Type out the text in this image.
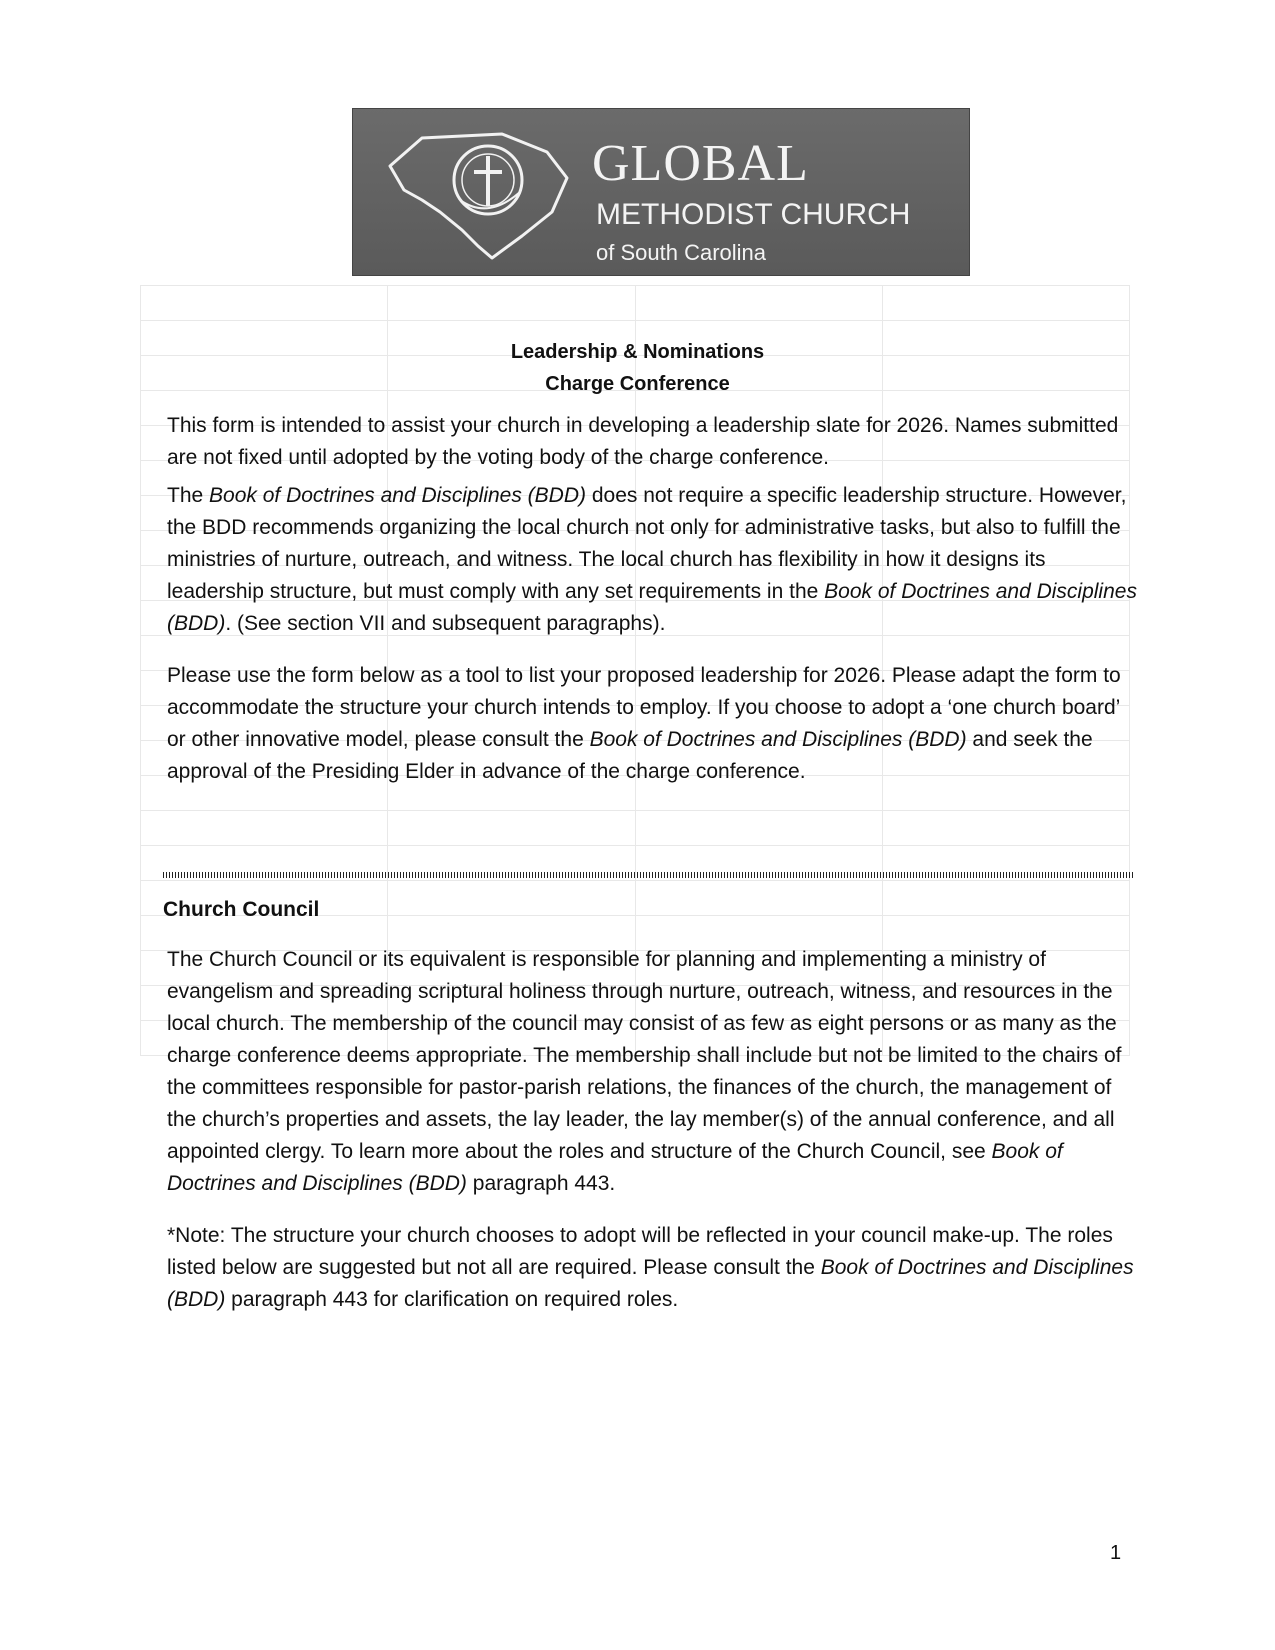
GLOBAL
METHODIST CHURCH
of South Carolina
Leadership & Nominations
Charge Conference

This form is intended to assist your church in developing a leadership slate for 2026. Names submitted are not fixed until adopted by the voting body of the charge conference.

The Book of Doctrines and Disciplines (BDD) does not require a specific leadership structure. However, the BDD recommends organizing the local church not only for administrative tasks, but also to fulfill the ministries of nurture, outreach, and witness. The local church has flexibility in how it designs its leadership structure, but must comply with any set requirements in the Book of Doctrines and Disciplines (BDD). (See section VII and subsequent paragraphs).

Please use the form below as a tool to list your proposed leadership for 2026. Please adapt the form to accommodate the structure your church intends to employ. If you choose to adopt a ‘one church board’ or other innovative model, please consult the Book of Doctrines and Disciplines (BDD) and seek the approval of the Presiding Elder in advance of the charge conference.

Church Council

The Church Council or its equivalent is responsible for planning and implementing a ministry of evangelism and spreading scriptural holiness through nurture, outreach, witness, and resources in the local church. The membership of the council may consist of as few as eight persons or as many as the charge conference deems appropriate. The membership shall include but not be limited to the chairs of the committees responsible for pastor-parish relations, the finances of the church, the management of the church’s properties and assets, the lay leader, the lay member(s) of the annual conference, and all appointed clergy. To learn more about the roles and structure of the Church Council, see Book of Doctrines and Disciplines (BDD) paragraph 443.

*Note: The structure your church chooses to adopt will be reflected in your council make-up. The roles listed below are suggested but not all are required. Please consult the Book of Doctrines and Disciplines (BDD) paragraph 443 for clarification on required roles.

1
